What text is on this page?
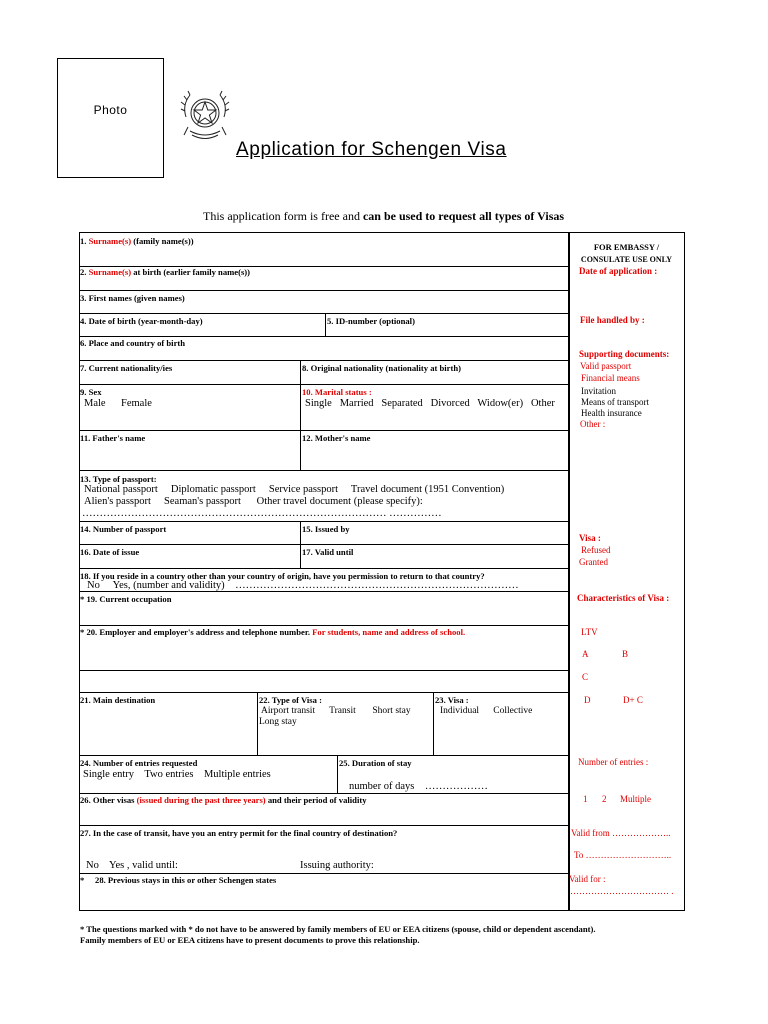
Photo
Application for Schengen Visa
This application form is free and can be used to request all types of Visas
1. Surname(s) (family name(s))
2. Surname(s) at birth (earlier family name(s))
3. First names (given names)
4. Date of birth (year-month-day)	5. ID-number (optional)
6. Place and country of birth
7. Current nationality/ies	8. Original nationality (nationality at birth)
9. Sex
Male Female
10. Marital status :
Single   Married   Separated   Divorced   Widow(er)   Other
11. Father's name	12. Mother's name
13. Type of passport:
National passport     Diplomatic passport     Service passport     Travel document (1951 Convention)
Alien's passport     Seaman's passport      Other travel document (please specify):
…………………………………………………………………………… ……………
14. Number of passport	15. Issued by
16. Date of issue	17. Valid until
18. If you reside in a country other than your country of origin, have you permission to return to that country?
No     Yes, (number and validity)    ………………………………………………………………………
* 19. Current occupation
* 20. Employer and employer's address and telephone number. For students, name and address of school.
21. Main destination	22. Type of Visa :
Airport transit      Transit       Short stay
Long stay
23. Visa :
Individual      Collective
24. Number of entries requested
Single entry    Two entries    Multiple entries
25. Duration of stay
number of days    ………………
26. Other visas (issued during the past three years) and their period of validity
27. In the case of transit, have you an entry permit for the final country of destination?
No    Yes , valid until:	Issuing authority:
*     28. Previous stays in this or other Schengen states
FOR EMBASSY /
CONSULATE USE ONLY
Date of application :
File handled by :
Supporting documents:
Valid passport
Financial means
Invitation
Means of transport
Health insurance
Other :
Visa :
Refused
Granted
Characteristics of Visa :
LTV
A	B
C
D	D+ C
Number of entries :
1 2 Multiple
Valid from ………………..
To ………………………..
Valid for :
…………………………… .
* The questions marked with * do not have to be answered by family members of EU or EEA citizens (spouse, child or dependent ascendant).
Family members of EU or EEA citizens have to present documents to prove this relationship.
